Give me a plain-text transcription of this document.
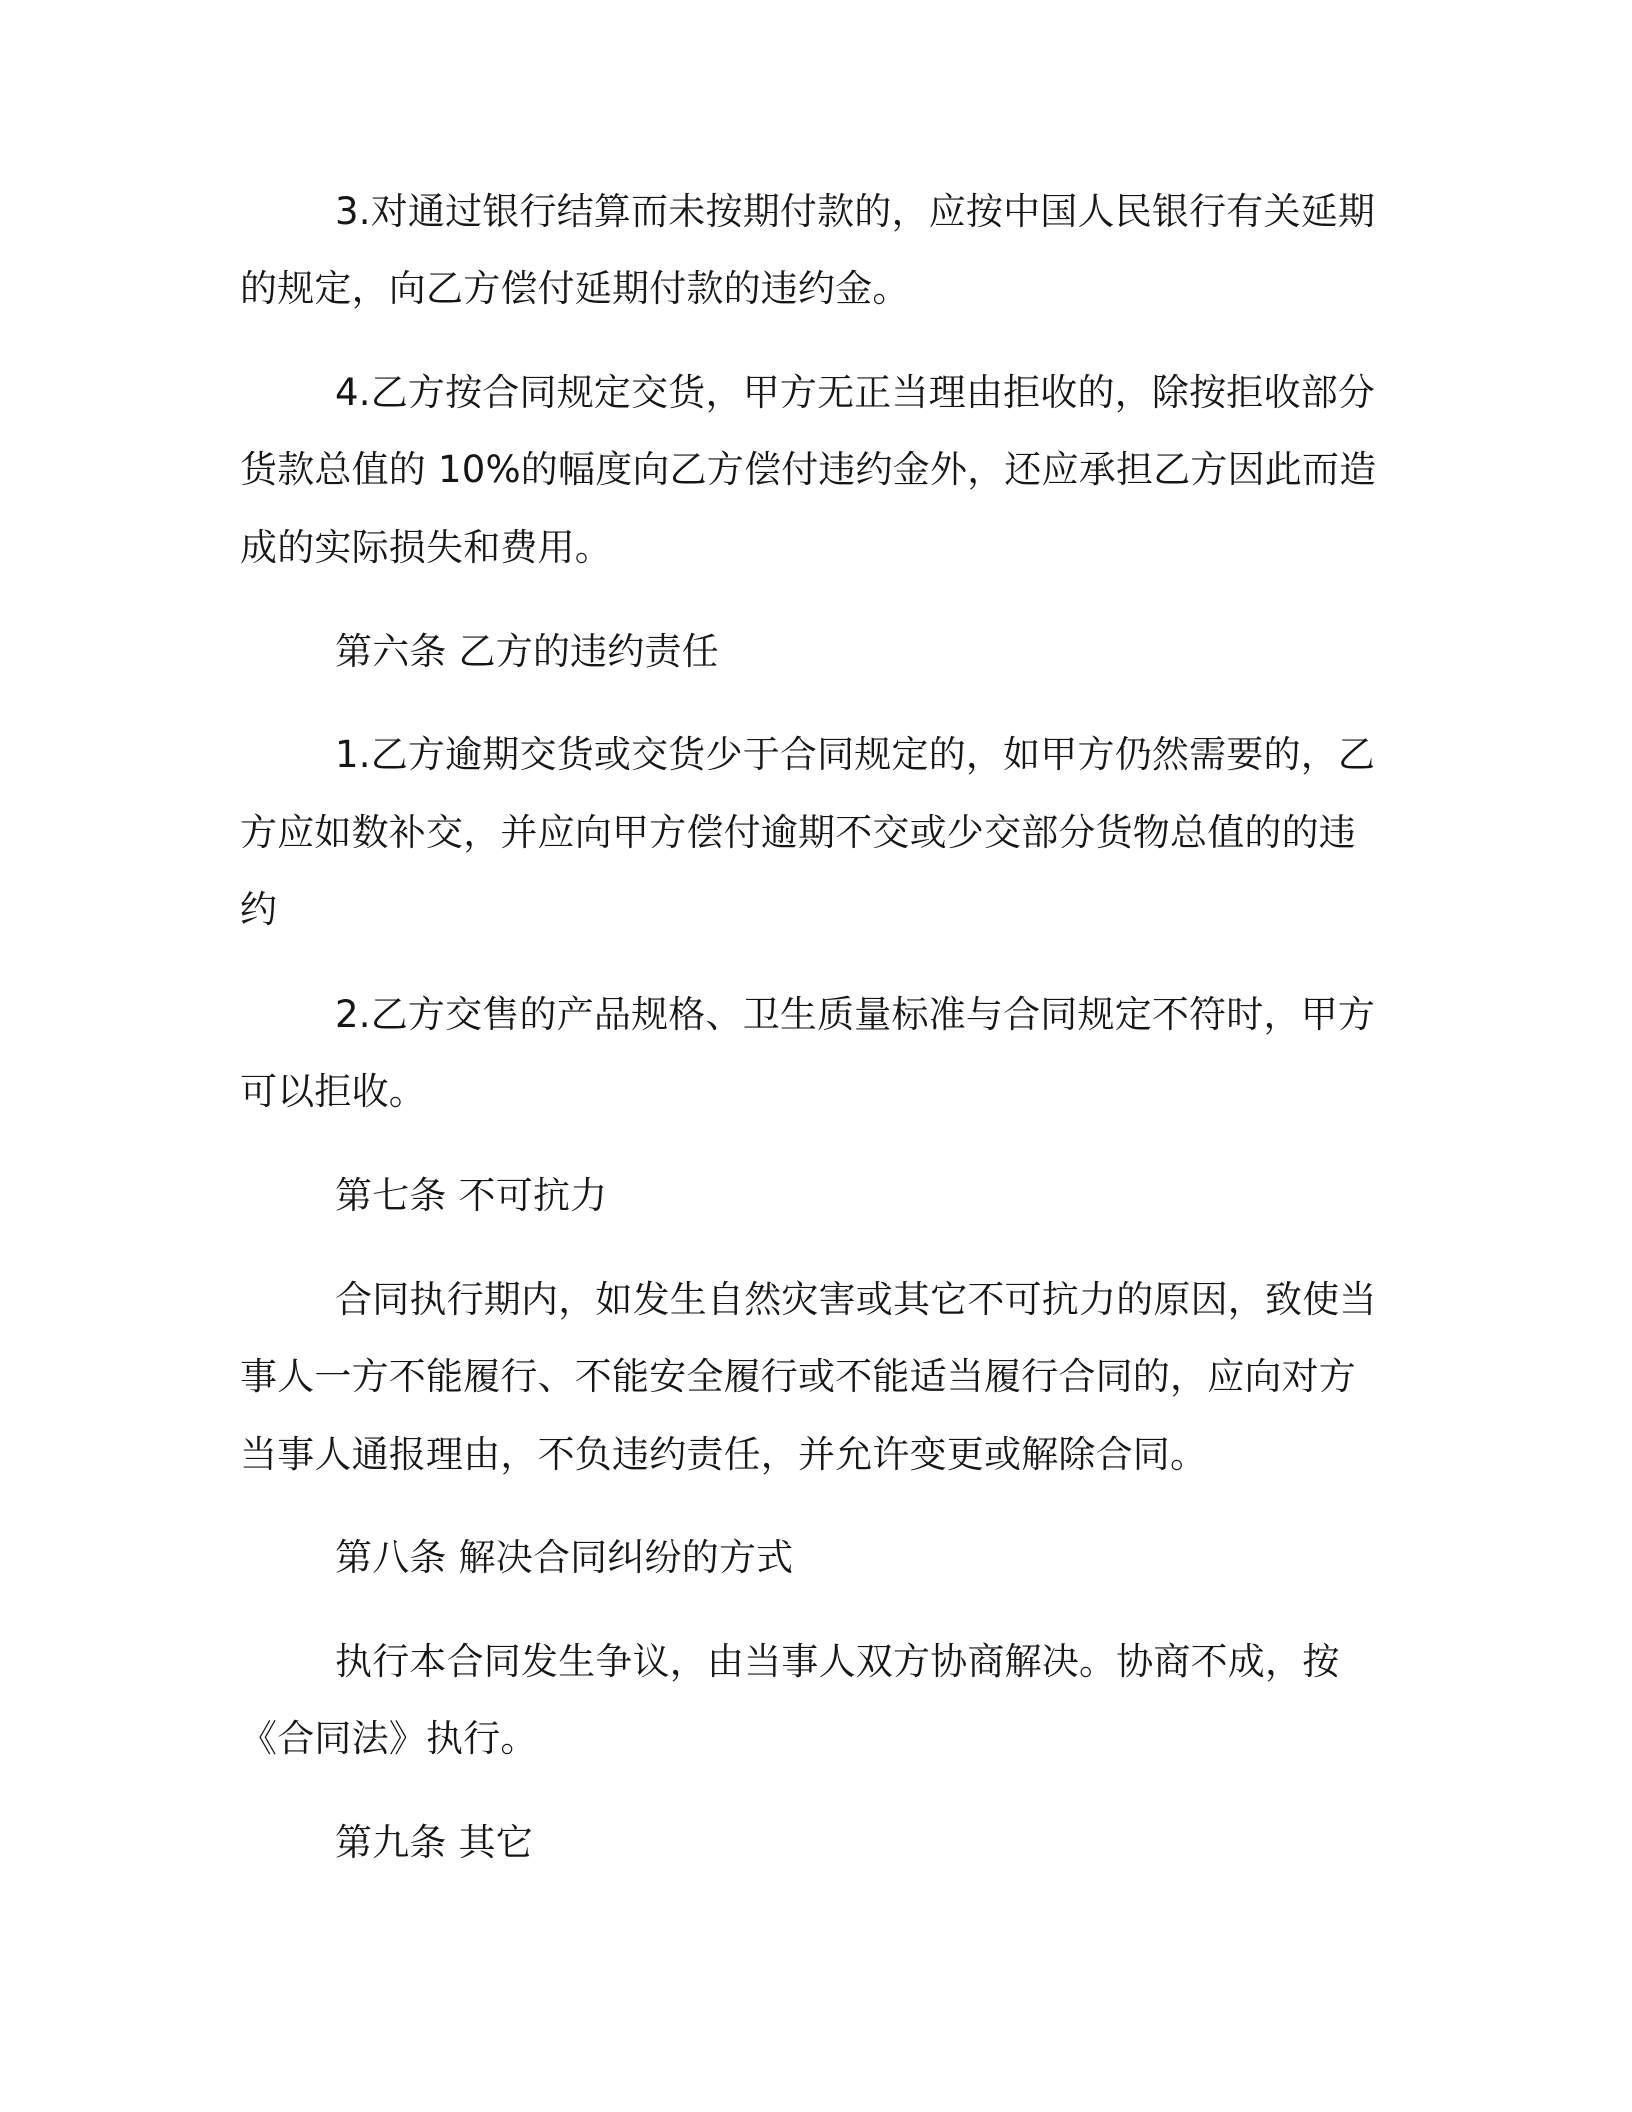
3.对通过银行结算而未按期付款的，应按中国人民银行有关延期
的规定，向乙方偿付延期付款的违约金。
4.乙方按合同规定交货，甲方无正当理由拒收的，除按拒收部分
货款总值的 10%的幅度向乙方偿付违约金外，还应承担乙方因此而造
成的实际损失和费用。
第六条 乙方的违约责任
1.乙方逾期交货或交货少于合同规定的，如甲方仍然需要的，乙
方应如数补交，并应向甲方偿付逾期不交或少交部分货物总值的的违
约
2.乙方交售的产品规格、卫生质量标准与合同规定不符时，甲方
可以拒收。
第七条 不可抗力
合同执行期内，如发生自然灾害或其它不可抗力的原因，致使当
事人一方不能履行、不能安全履行或不能适当履行合同的，应向对方
当事人通报理由，不负违约责任，并允许变更或解除合同。
第八条 解决合同纠纷的方式
执行本合同发生争议，由当事人双方协商解决。协商不成，按
《合同法》执行。
第九条 其它
